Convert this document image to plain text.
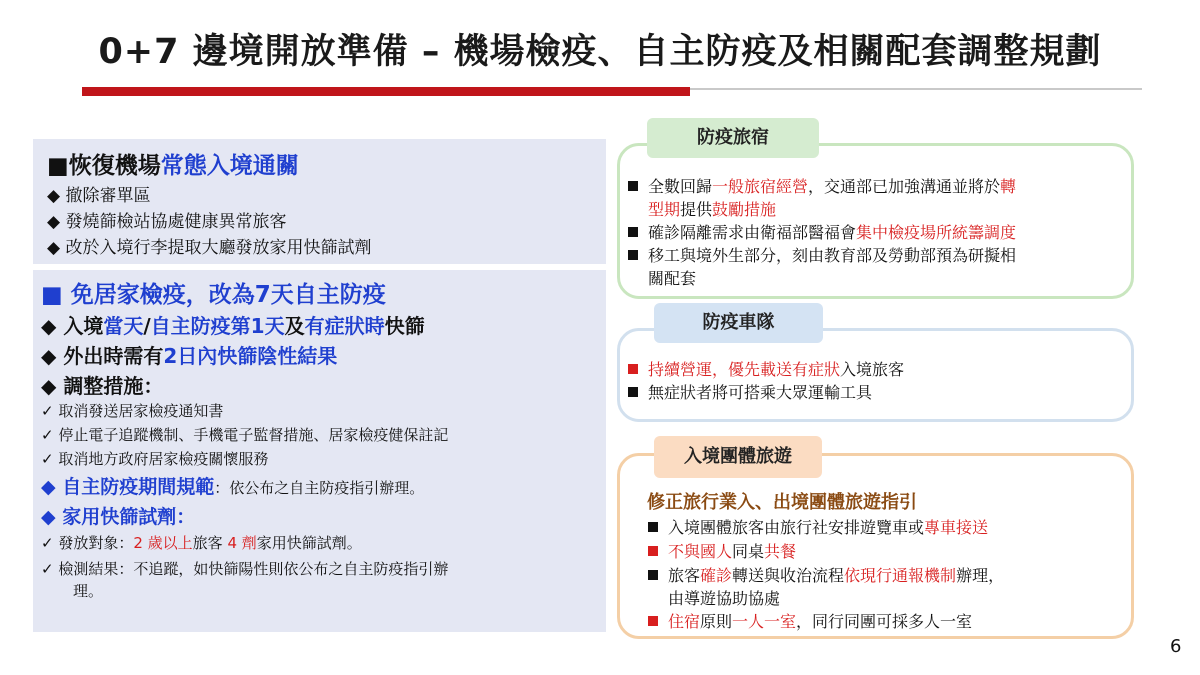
0+7 邊境開放準備 – 機場檢疫、自主防疫及相關配套調整規劃
■恢復機場常態入境通關
◆ 撤除審單區
◆ 發燒篩檢站協處健康異常旅客
◆ 改於入境行李提取大廳發放家用快篩試劑
■ 免居家檢疫，改為7天自主防疫
◆ 入境當天/自主防疫第1天及有症狀時快篩
◆ 外出時需有2日內快篩陰性結果
◆ 調整措施：
✓ 取消發送居家檢疫通知書
✓ 停止電子追蹤機制、手機電子監督措施、居家檢疫健保註記
✓ 取消地方政府居家檢疫關懷服務
◆ 自主防疫期間規範：依公布之自主防疫指引辦理。
◆ 家用快篩試劑：
✓ 發放對象：2 歲以上旅客 4 劑家用快篩試劑。
✓ 檢測結果：不追蹤，如快篩陽性則依公布之自主防疫指引辦
理。
防疫旅宿
全數回歸一般旅宿經營，交通部已加強溝通並將於轉
型期提供鼓勵措施
確診隔離需求由衛福部醫福會集中檢疫場所統籌調度
移工與境外生部分，刻由教育部及勞動部預為研擬相
關配套
防疫車隊
持續營運，優先載送有症狀入境旅客
無症狀者將可搭乘大眾運輸工具
入境團體旅遊
修正旅行業入、出境團體旅遊指引
入境團體旅客由旅行社安排遊覽車或專車接送
不與國人同桌共餐
旅客確診轉送與收治流程依現行通報機制辦理，
由導遊協助協處
住宿原則一人一室，同行同團可採多人一室
6
